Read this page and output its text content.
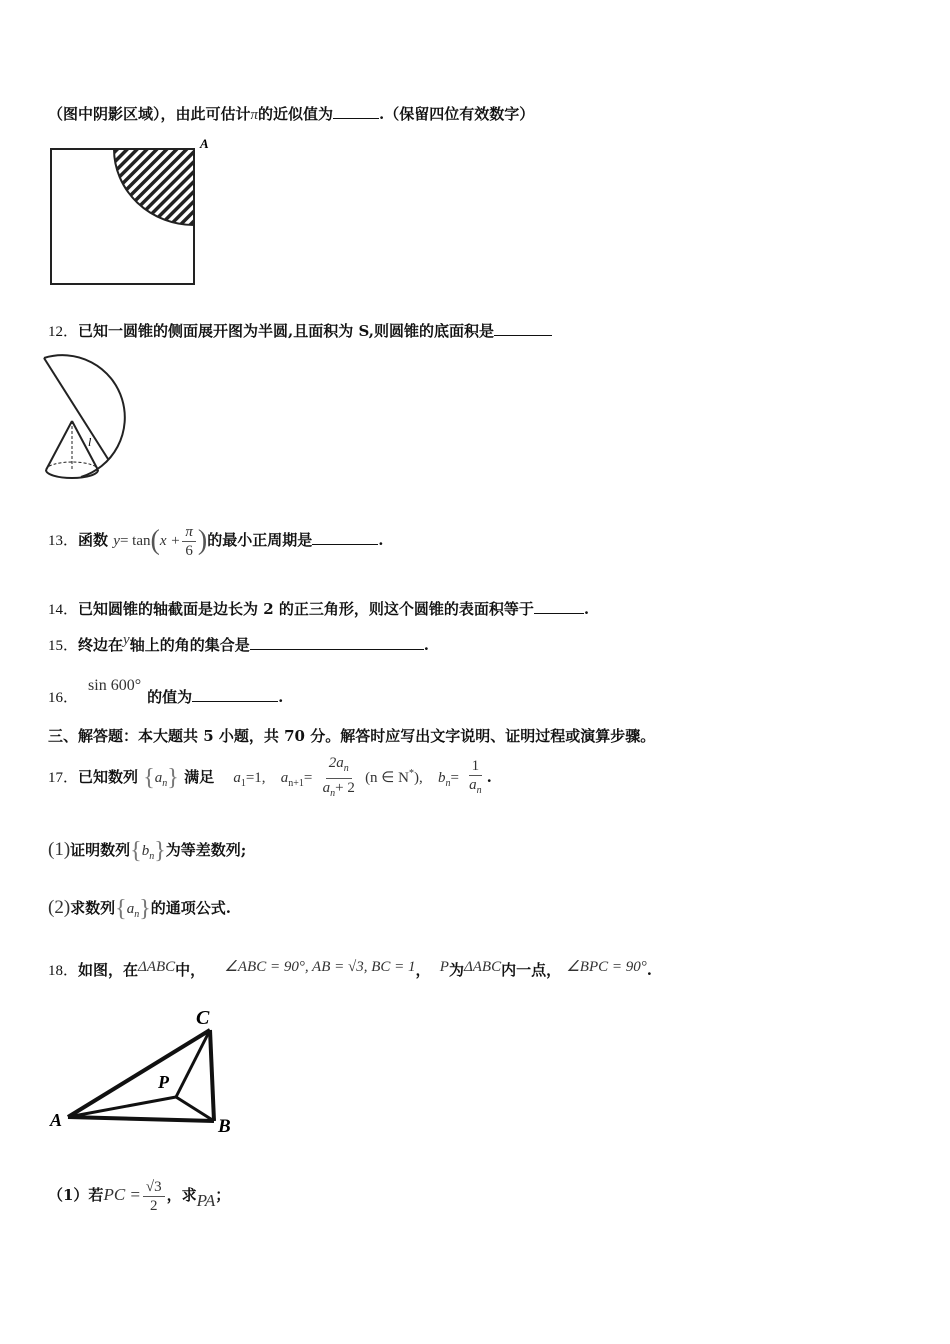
（图中阴影区域），由此可估计π的近似值为	.（保留四位有效数字）
A
12．已知一圆锥的侧面展开图为半圆,且面积为 S,则圆锥的底面积是
l
13．函数 $y= \tan(x + \frac{\pi}{6}$ )的最小正周期是	.
14．已知圆锥的轴截面是边长为 2 的正三角形，则这个圆锥的表面积等于	.
15．终边在y轴上的角的集合是	.
16．sin 600°的值为	.
三、解答题：本大题共 5 小题，共 70 分。解答时应写出文字说明、证明过程或演算步骤。
17．已知数列 $\{a_n\}$ 满足 $a_1=1$, $a_{n+1}= \frac{2a_n}{a_n+ 2} (n$ ∈ N*), $b_n= \frac{1}{a_n}$ .
(1)证明数列$\{b_n\}$为等差数列;
(2)求数列$\{a_n\}$的通项公式.
18．如图，在ΔABC中， ∠ABC = 90°, AB = √3, BC = 1， P为ΔABC内一点， ∠BPC = 90°.
C
P
A	B
（1）若PC = $\frac{√3}{2}$ ，求PA；
